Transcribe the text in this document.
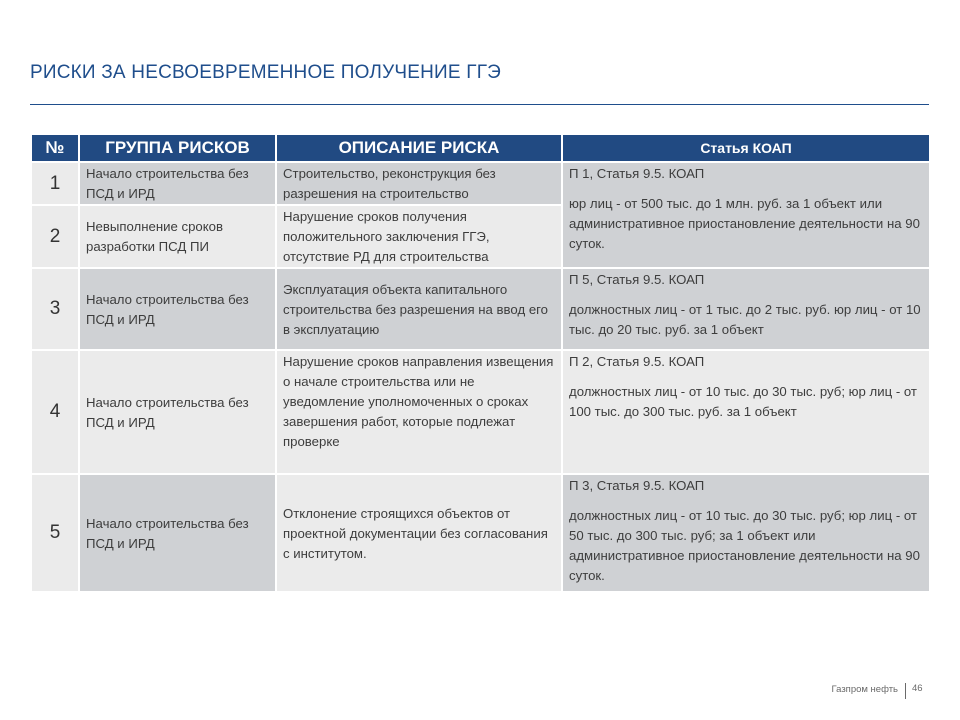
РИСКИ ЗА НЕСВОЕВРЕМЕННОЕ ПОЛУЧЕНИЕ ГГЭ
№	ГРУППА РИСКОВ	ОПИСАНИЕ РИСКА	Статья КОАП
1	Начало строительства без ПСД и ИРД	Строительство, реконструкция без разрешения на строительство	П 1, Статья 9.5. КОАП
юр лиц - от 500 тыс. до 1 млн. руб. за 1 объект или административное приостановление деятельности на 90 суток.

2	Невыполнение сроков разработки ПСД ПИ	Нарушение сроков получения положительного заключения ГГЭ, отсутствие РД для строительства	
3	Начало строительства без ПСД и ИРД	Эксплуатация объекта капитального строительства без разрешения на ввод его в эксплуатацию	П 5, Статья 9.5. КОАП
должностных лиц - от 1 тыс. до 2 тыс. руб. юр лиц - от 10 тыс. до 20 тыс. руб. за 1 объект

4	Начало строительства без ПСД и ИРД	Нарушение сроков направления извещения о начале строительства или не уведомление уполномоченных о сроках завершения работ, которые подлежат проверке	П 2, Статья 9.5. КОАП
должностных лиц - от 10 тыс. до 30 тыс. руб; юр лиц - от 100 тыс. до 300 тыс. руб. за 1 объект

5	Начало строительства без ПСД и ИРД	Отклонение строящихся объектов от проектной документации без согласования с институтом.	П 3, Статья 9.5. КОАП
должностных лиц - от 10 тыс. до 30 тыс. руб; юр лиц - от 50 тыс. до 300 тыс. руб; за 1 объект или административное приостановление деятельности на 90 суток.
Газпром нефть 46
